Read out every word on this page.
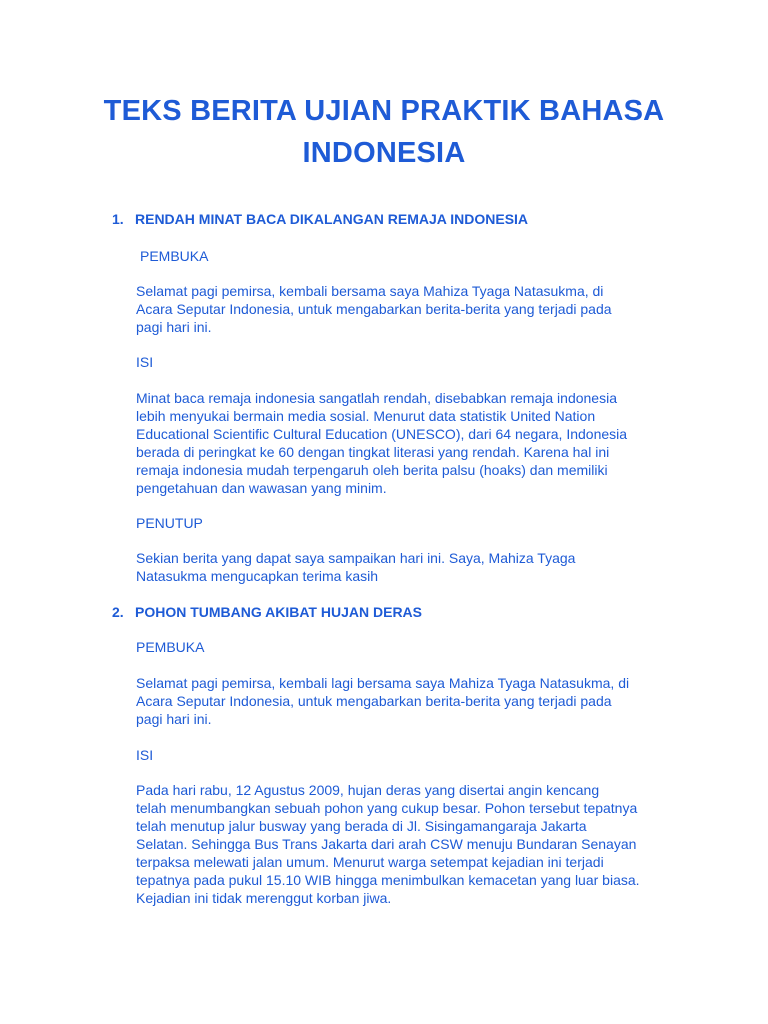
TEKS BERITA UJIAN PRAKTIK BAHASA
INDONESIA
1. RENDAH MINAT BACA DIKALANGAN REMAJA INDONESIA
PEMBUKA
Selamat pagi pemirsa, kembali bersama saya Mahiza Tyaga Natasukma, di
Acara Seputar Indonesia, untuk mengabarkan berita-berita yang terjadi pada
pagi hari ini.
ISI
Minat baca remaja indonesia sangatlah rendah, disebabkan remaja indonesia
lebih menyukai bermain media sosial. Menurut data statistik United Nation
Educational Scientific Cultural Education (UNESCO), dari 64 negara, Indonesia
berada di peringkat ke 60 dengan tingkat literasi yang rendah. Karena hal ini
remaja indonesia mudah terpengaruh oleh berita palsu (hoaks) dan memiliki
pengetahuan dan wawasan yang minim.
PENUTUP
Sekian berita yang dapat saya sampaikan hari ini. Saya, Mahiza Tyaga
Natasukma mengucapkan terima kasih
2. POHON TUMBANG AKIBAT HUJAN DERAS
PEMBUKA
Selamat pagi pemirsa, kembali lagi bersama saya Mahiza Tyaga Natasukma, di
Acara Seputar Indonesia, untuk mengabarkan berita-berita yang terjadi pada
pagi hari ini.
ISI
Pada hari rabu, 12 Agustus 2009, hujan deras yang disertai angin kencang
telah menumbangkan sebuah pohon yang cukup besar. Pohon tersebut tepatnya
telah menutup jalur busway yang berada di Jl. Sisingamangaraja Jakarta
Selatan. Sehingga Bus Trans Jakarta dari arah CSW menuju Bundaran Senayan
terpaksa melewati jalan umum. Menurut warga setempat kejadian ini terjadi
tepatnya pada pukul 15.10 WIB hingga menimbulkan kemacetan yang luar biasa.
Kejadian ini tidak merenggut korban jiwa.
